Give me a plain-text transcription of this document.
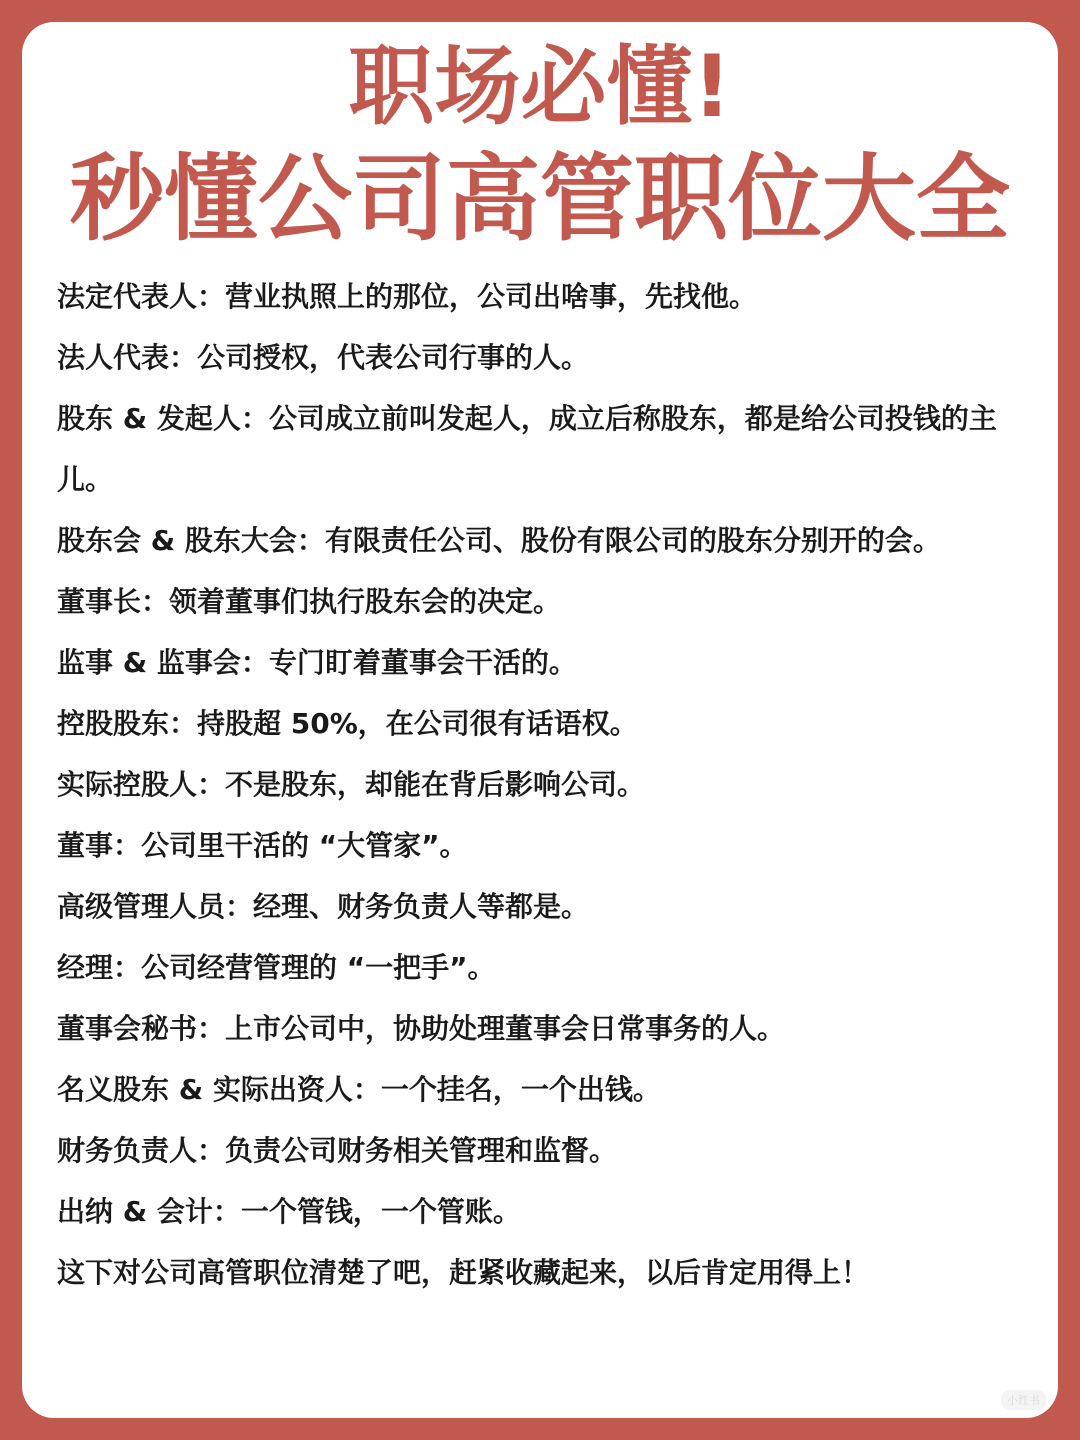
职场必懂!
秒懂公司高管职位大全
法定代表人：营业执照上的那位，公司出啥事，先找他。
法人代表：公司授权，代表公司行事的人。
股东 & 发起人：公司成立前叫发起人，成立后称股东，都是给公司投钱的主儿。
股东会 & 股东大会：有限责任公司、股份有限公司的股东分别开的会。
董事长：领着董事们执行股东会的决定。
监事 & 监事会：专门盯着董事会干活的。
控股股东：持股超 50%，在公司很有话语权。
实际控股人：不是股东，却能在背后影响公司。
董事：公司里干活的 “大管家”。
高级管理人员：经理、财务负责人等都是。
经理：公司经营管理的 “一把手”。
董事会秘书：上市公司中，协助处理董事会日常事务的人。
名义股东 & 实际出资人：一个挂名，一个出钱。
财务负责人：负责公司财务相关管理和监督。
出纳 & 会计：一个管钱，一个管账。
这下对公司高管职位清楚了吧，赶紧收藏起来，以后肯定用得上！
小红书
